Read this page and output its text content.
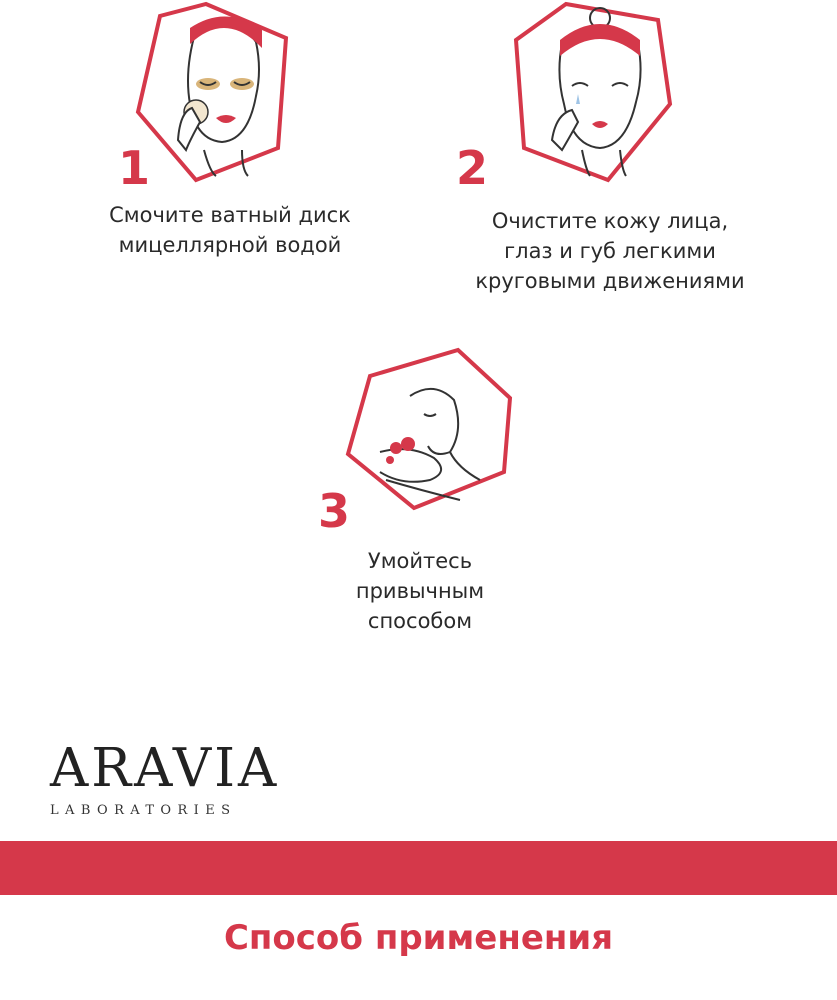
1
Смочите ватный диск
мицеллярной водой
2
Очистите кожу лица,
глаз и губ легкими
круговыми движениями
3
Умойтесь
привычным
способом
ARAVIA
LABORATORIES
Способ применения
